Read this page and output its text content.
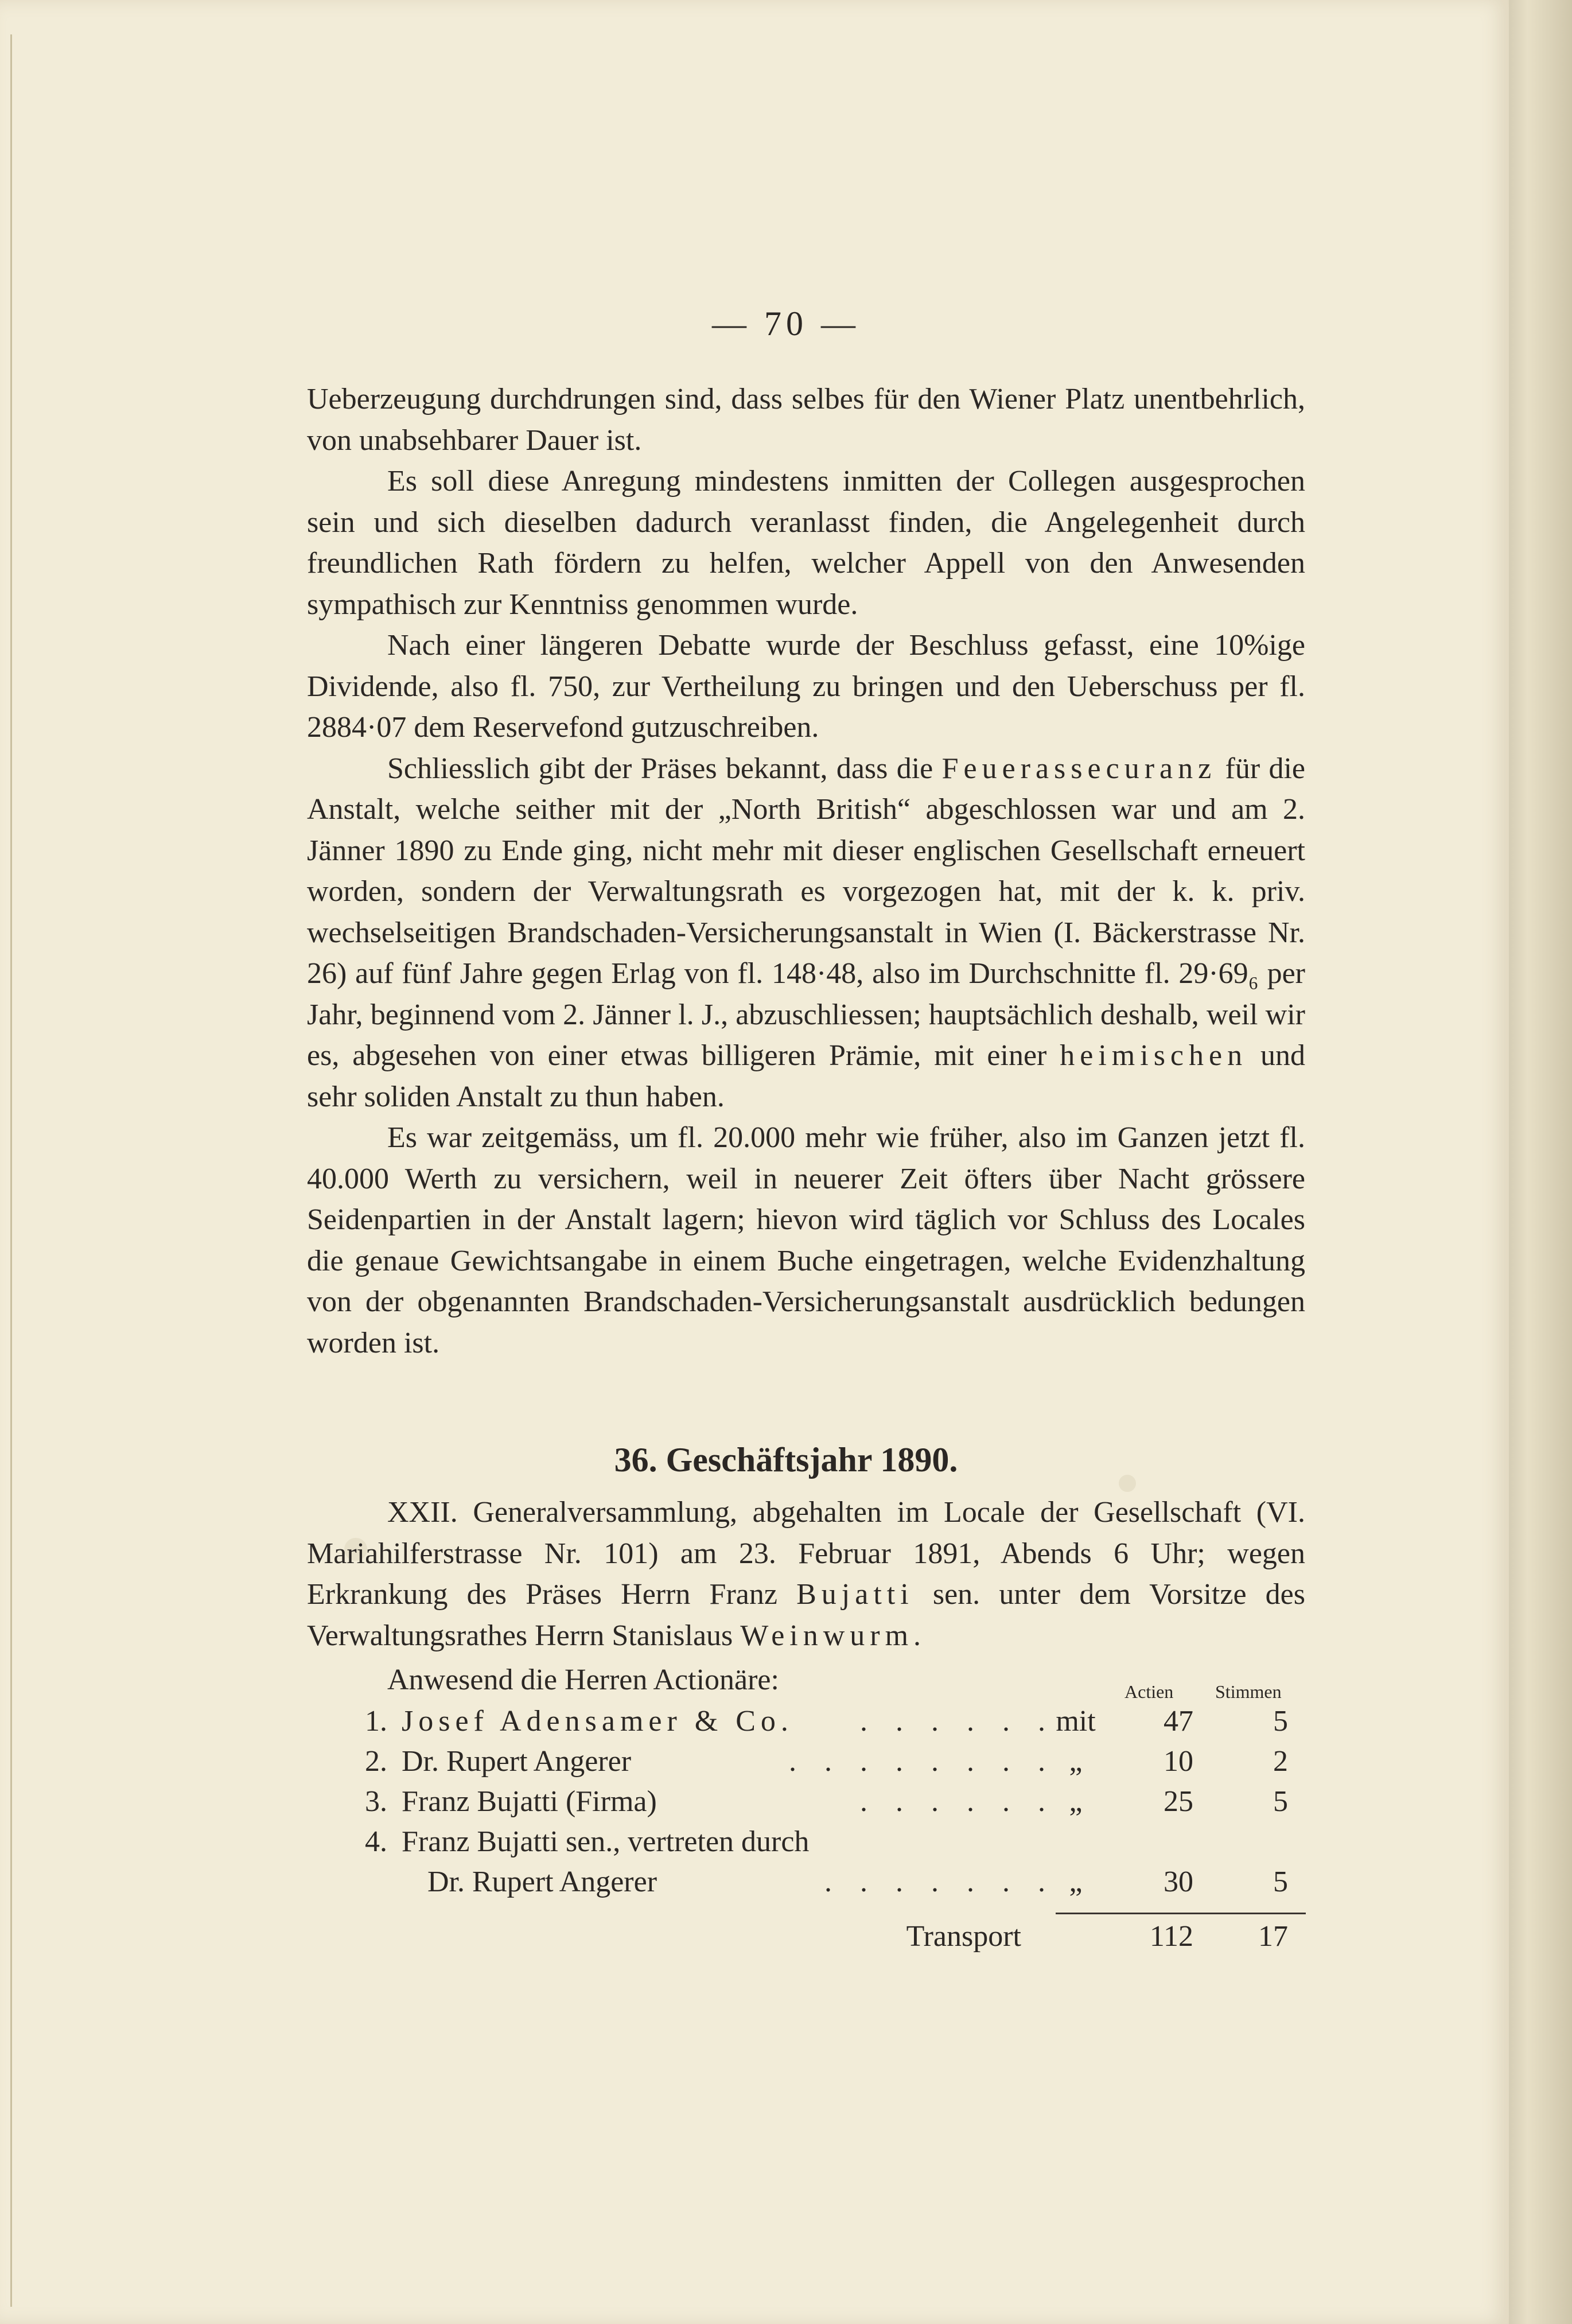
— 70 —

Ueberzeugung durchdrungen sind, dass selbes für den Wiener Platz unentbehrlich, von unabsehbarer Dauer ist.

Es soll diese Anregung mindestens inmitten der Collegen ausgesprochen sein und sich dieselben dadurch veranlasst finden, die Angelegenheit durch freundlichen Rath fördern zu helfen, welcher Appell von den Anwesenden sympathisch zur Kenntniss genommen wurde.

Nach einer längeren Debatte wurde der Beschluss gefasst, eine 10%ige Dividende, also fl. 750, zur Vertheilung zu bringen und den Ueberschuss per fl. 2884·07 dem Reservefond gutzuschreiben.

Schliesslich gibt der Präses bekannt, dass die Feuerassecuranz für die Anstalt, welche seither mit der „North British“ abgeschlossen war und am 2. Jänner 1890 zu Ende ging, nicht mehr mit dieser englischen Gesellschaft erneuert worden, sondern der Verwaltungsrath es vorgezogen hat, mit der k. k. priv. wechselseitigen Brandschaden-Versicherungsanstalt in Wien (I. Bäckerstrasse Nr. 26) auf fünf Jahre gegen Erlag von fl. 148·48, also im Durchschnitte fl. 29·69₆ per Jahr, beginnend vom 2. Jänner l. J., abzuschliessen; hauptsächlich deshalb, weil wir es, abgesehen von einer etwas billigeren Prämie, mit einer heimischen und sehr soliden Anstalt zu thun haben.

Es war zeitgemäss, um fl. 20.000 mehr wie früher, also im Ganzen jetzt fl. 40.000 Werth zu versichern, weil in neuerer Zeit öfters über Nacht grössere Seidenpartien in der Anstalt lagern; hievon wird täglich vor Schluss des Locales die genaue Gewichtsangabe in einem Buche eingetragen, welche Evidenzhaltung von der obgenannten Brandschaden-Versicherungsanstalt ausdrücklich bedungen worden ist.

36. Geschäftsjahr 1890.

XXII. Generalversammlung, abgehalten im Locale der Gesellschaft (VI. Mariahilferstrasse Nr. 101) am 23. Februar 1891, Abends 6 Uhr; wegen Erkrankung des Präses Herrn Franz Bujatti sen. unter dem Vorsitze des Verwaltungsrathes Herrn Stanislaus Weinwurm.

Anwesend die Herren Actionäre:	Actien Stimmen
1. Josef Adensamer & Co. . . . . . . mit	47	5
2. Dr. Rupert Angerer	. . . . . . . . „	10	2
3. Franz Bujatti (Firma)	. . . . . . „	25	5
4. Franz Bujatti sen., vertreten durch
Dr. Rupert Angerer	. . . . . . . „	30	5
Transport	112	17
